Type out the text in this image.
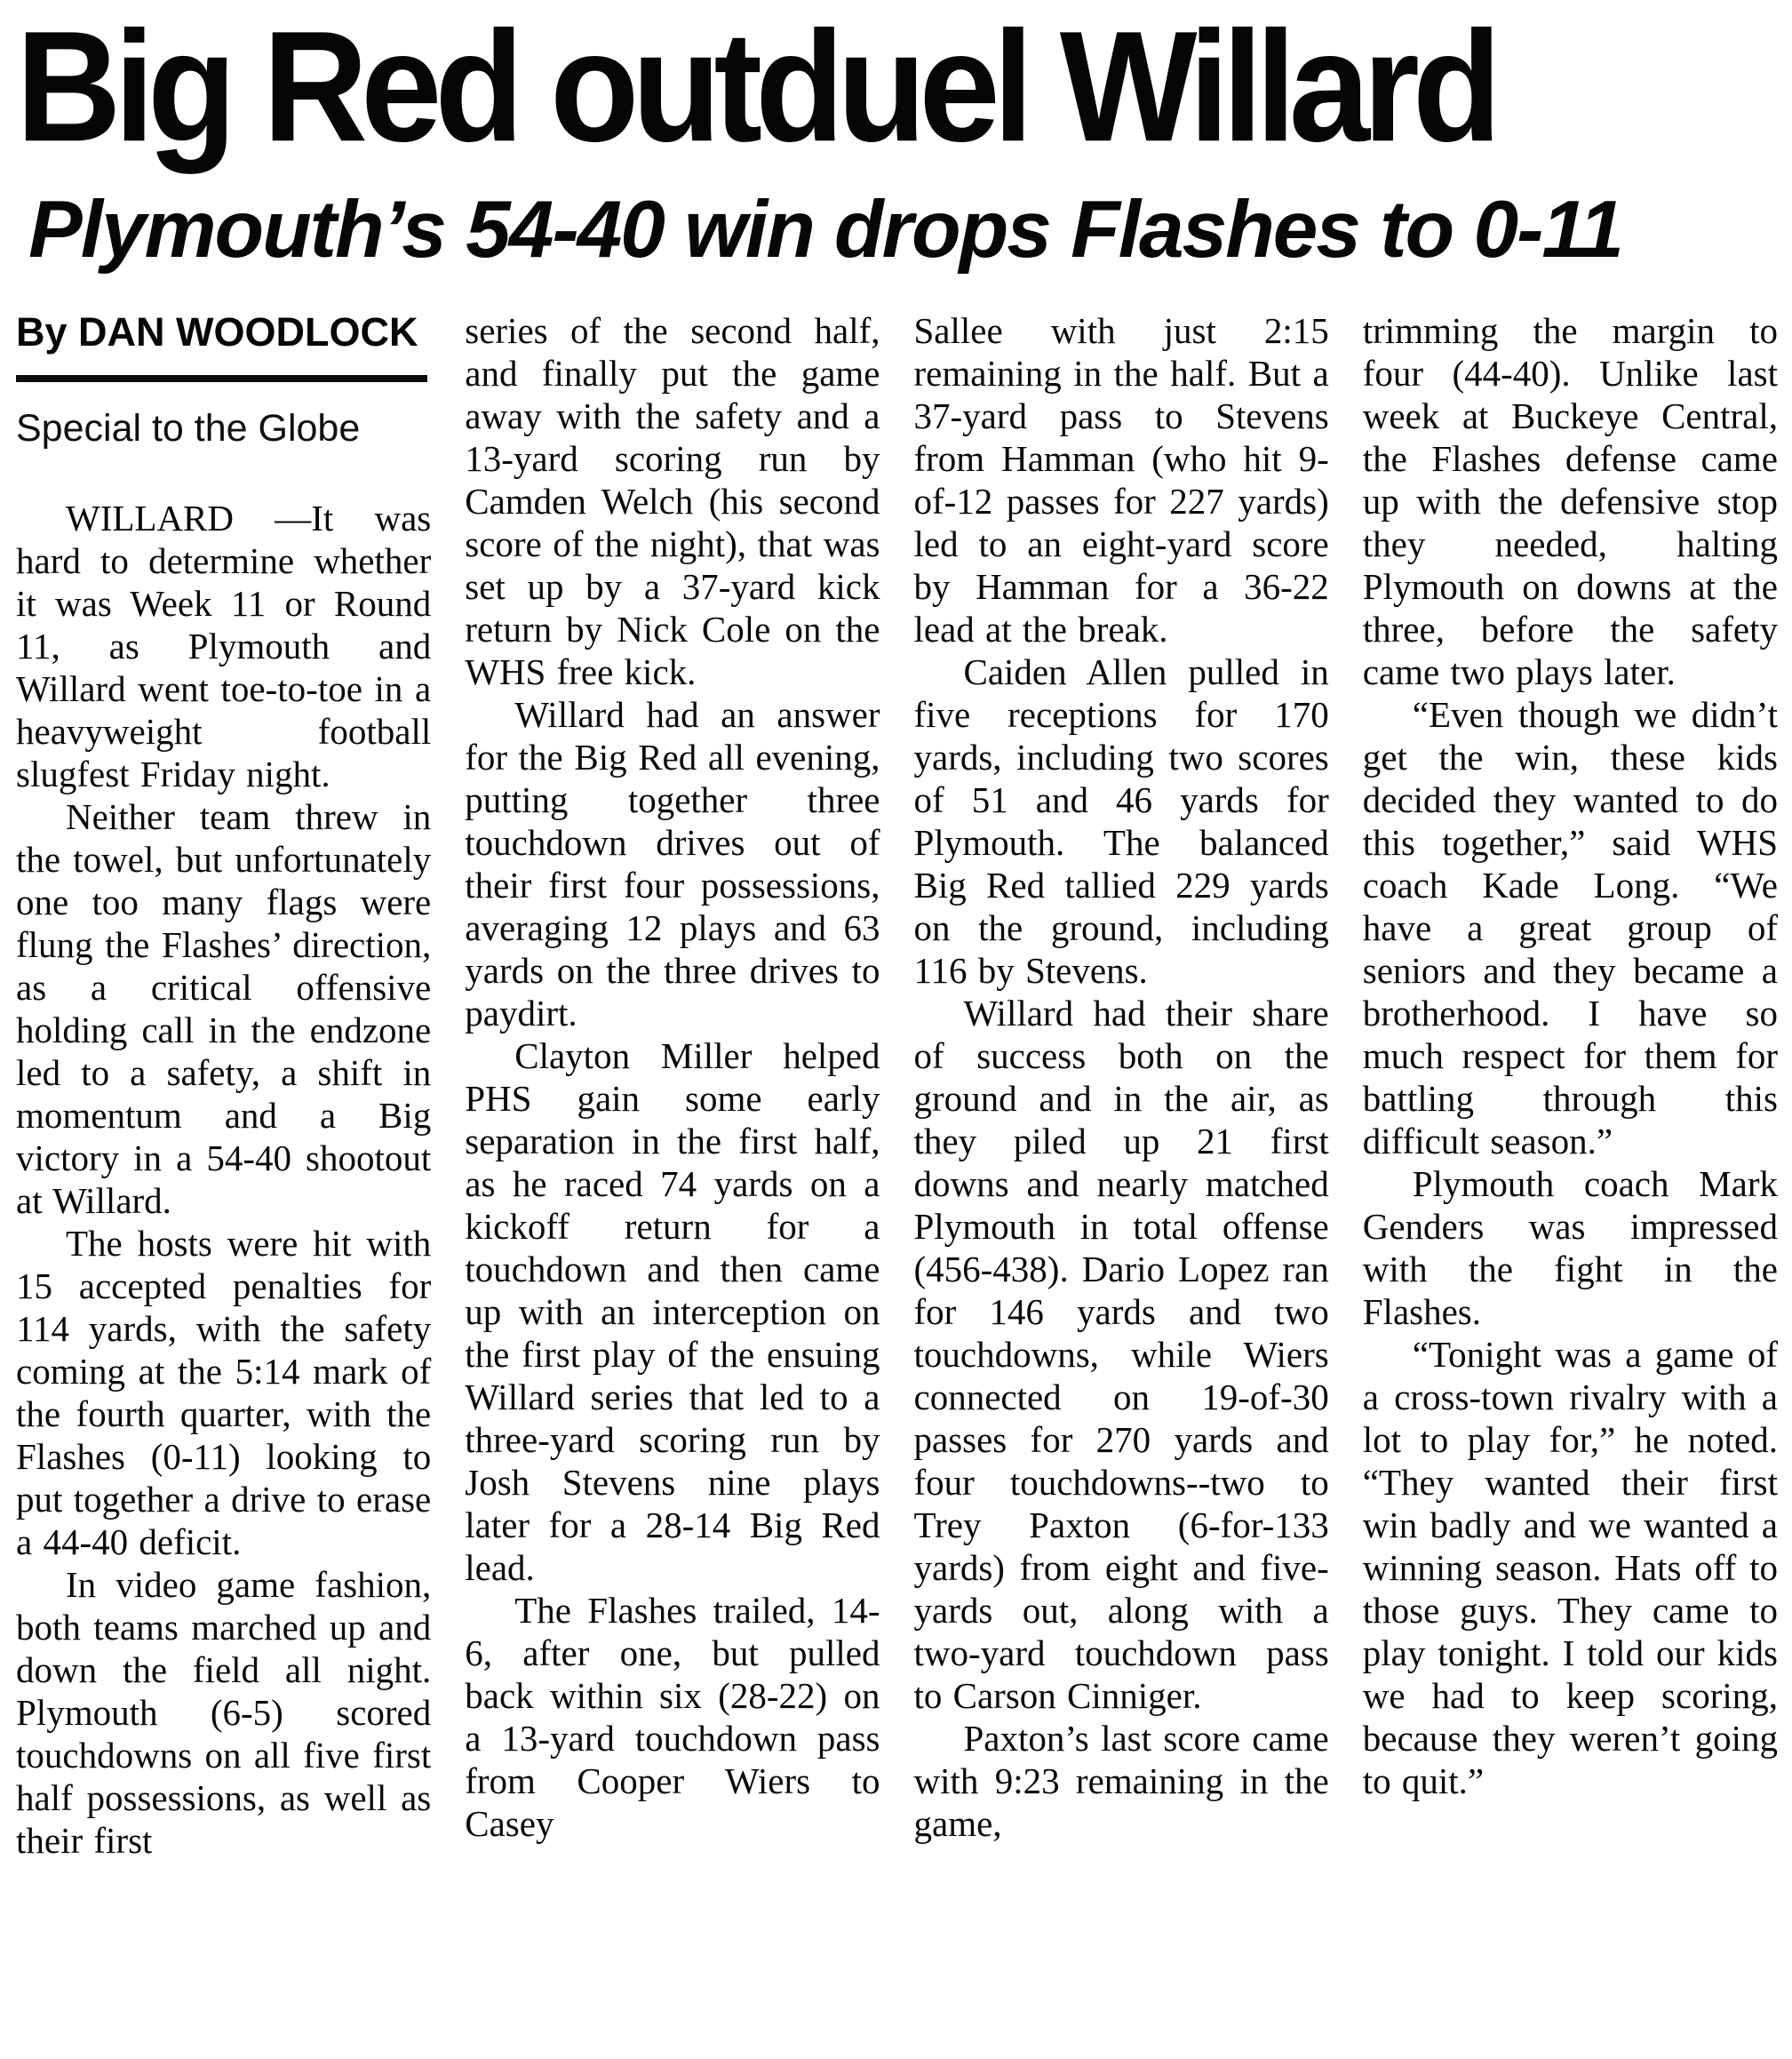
Big Red outduel Willard
Plymouth’s 54-40 win drops Flashes to 0-11
By DAN WOODLOCK
Special to the Globe

WILLARD —It was hard to determine whether it was Week 11 or Round 11, as Plymouth and Willard went toe-to-toe in a heavyweight football slugfest Friday night.

Neither team threw in the towel, but unfortunately one too many flags were flung the Flashes’ direction, as a critical offensive holding call in the endzone led to a safety, a shift in momentum and a Big victory in a 54-40 shootout at Willard.

The hosts were hit with 15 accepted penalties for 114 yards, with the safety coming at the 5:14 mark of the fourth quarter, with the Flashes (0-11) looking to put together a drive to erase a 44-40 deficit.

In video game fashion, both teams marched up and down the field all night. Plymouth (6-5) scored touchdowns on all five first half possessions, as well as their first

series of the second half, and finally put the game away with the safety and a 13-yard scoring run by Camden Welch (his second score of the night), that was set up by a 37-yard kick return by Nick Cole on the WHS free kick.

Willard had an answer for the Big Red all evening, putting together three touchdown drives out of their first four possessions, averaging 12 plays and 63 yards on the three drives to paydirt.

Clayton Miller helped PHS gain some early separation in the first half, as he raced 74 yards on a kickoff return for a touchdown and then came up with an interception on the first play of the ensuing Willard series that led to a three-yard scoring run by Josh Stevens nine plays later for a 28-14 Big Red lead.

The Flashes trailed, 14-6, after one, but pulled back within six (28-22) on a 13-yard touchdown pass from Cooper Wiers to Casey

Sallee with just 2:15 remaining in the half. But a 37-yard pass to Stevens from Hamman (who hit 9-of-12 passes for 227 yards) led to an eight-yard score by Hamman for a 36-22 lead at the break.

Caiden Allen pulled in five receptions for 170 yards, including two scores of 51 and 46 yards for Plymouth. The balanced Big Red tallied 229 yards on the ground, including 116 by Stevens.

Willard had their share of success both on the ground and in the air, as they piled up 21 first downs and nearly matched Plymouth in total offense (456-438). Dario Lopez ran for 146 yards and two touchdowns, while Wiers connected on 19-of-30 passes for 270 yards and four touchdowns--two to Trey Paxton (6-for-133 yards) from eight and five-yards out, along with a two-yard touchdown pass to Carson Cinniger.

Paxton’s last score came with 9:23 remaining in the game,

trimming the margin to four (44-40). Unlike last week at Buckeye Central, the Flashes defense came up with the defensive stop they needed, halting Plymouth on downs at the three, before the safety came two plays later.

“Even though we didn’t get the win, these kids decided they wanted to do this together,” said WHS coach Kade Long. “We have a great group of seniors and they became a brotherhood. I have so much respect for them for battling through this difficult season.”

Plymouth coach Mark Genders was impressed with the fight in the Flashes.

“Tonight was a game of a cross-town rivalry with a lot to play for,” he noted. “They wanted their first win badly and we wanted a winning season. Hats off to those guys. They came to play tonight. I told our kids we had to keep scoring, because they weren’t going to quit.”
